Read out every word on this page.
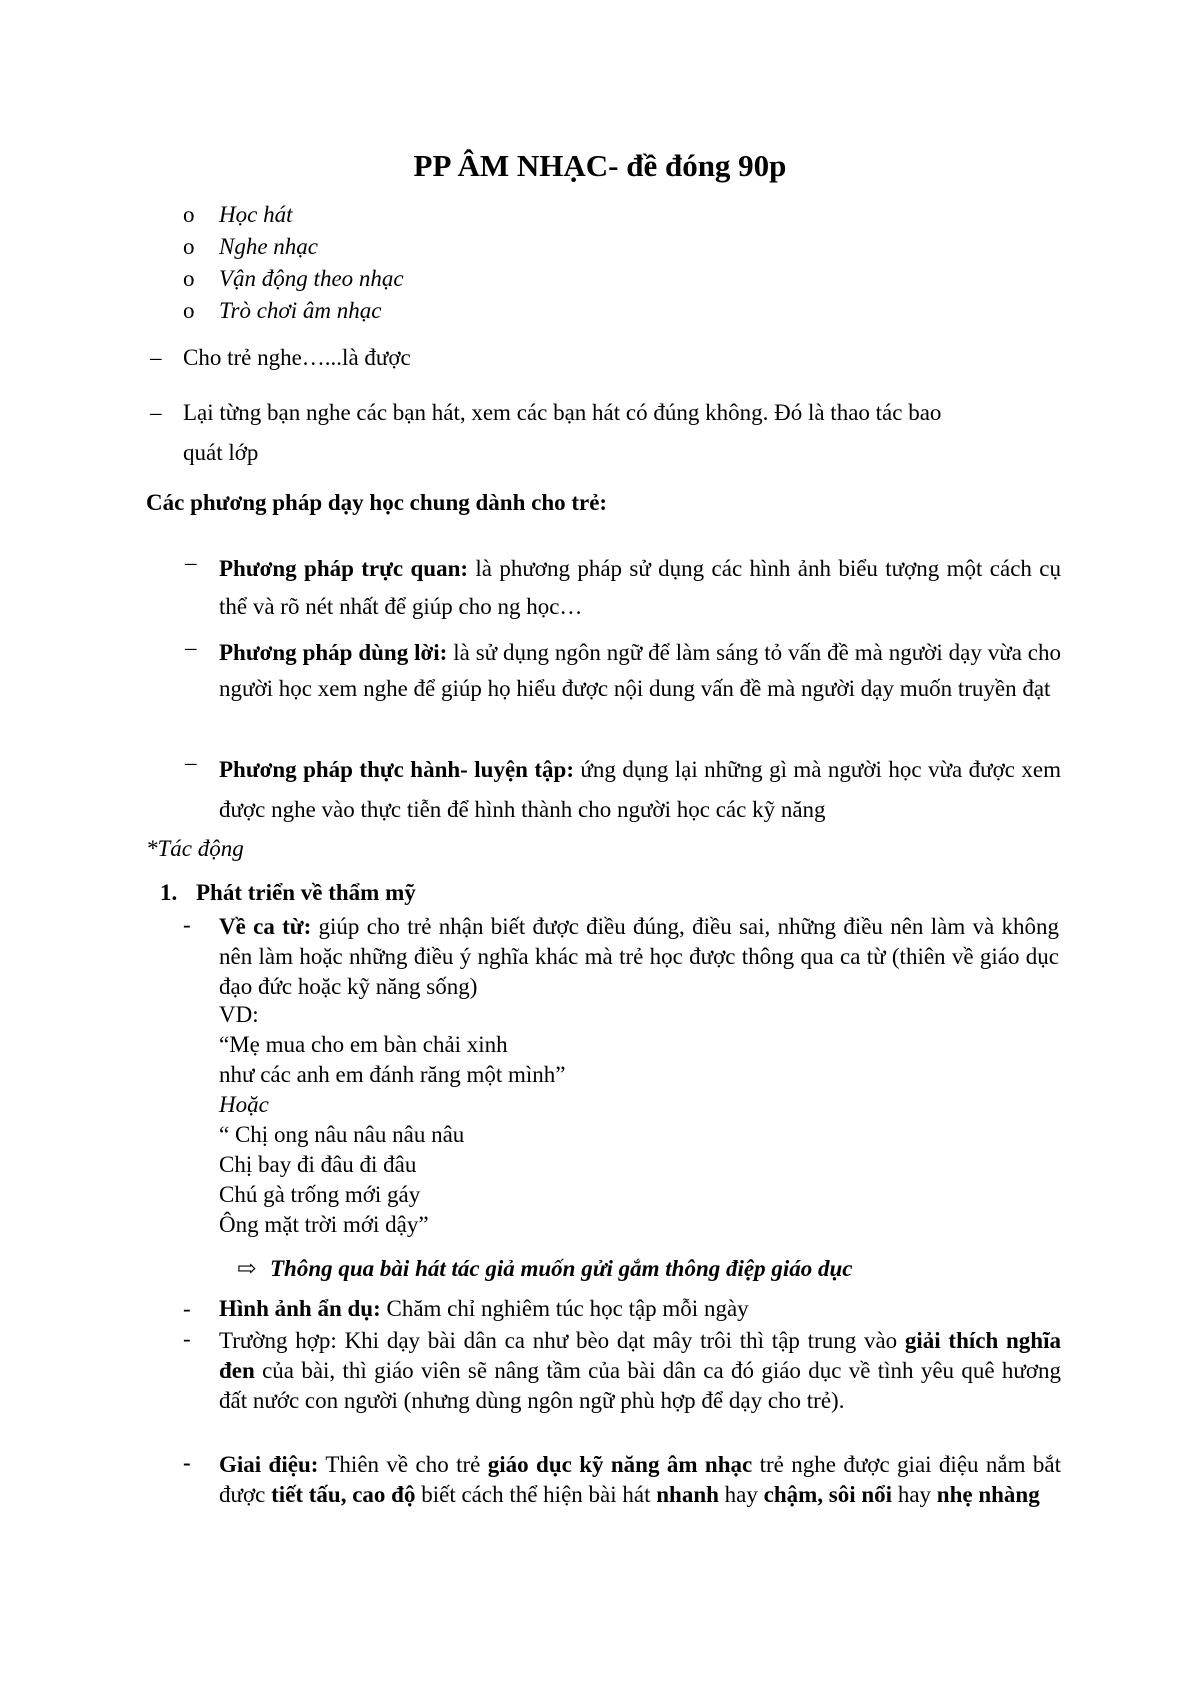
PP ÂM NHẠC- đề đóng 90p
o Học hát
o Nghe nhạc
o Vận động theo nhạc
o Trò chơi âm nhạc
– Cho trẻ nghe…...là được
– Lại từng bạn nghe các bạn hát, xem các bạn hát có đúng không. Đó là thao tác bao
quát lớp
Các phương pháp dạy học chung dành cho trẻ:
– Phương pháp trực quan: là phương pháp sử dụng các hình ảnh biểu tượng một cách cụ thể và rõ nét nhất để giúp cho ng học…
– Phương pháp dùng lời: là sử dụng ngôn ngữ để làm sáng tỏ vấn đề mà người dạy vừa cho người học xem nghe để giúp họ hiểu được nội dung vấn đề mà người dạy muốn truyền đạt
– Phương pháp thực hành- luyện tập: ứng dụng lại những gì mà người học vừa được xem được nghe vào thực tiễn để hình thành cho người học các kỹ năng
*Tác động
1. Phát triển về thẩm mỹ
- Về ca từ: giúp cho trẻ nhận biết được điều đúng, điều sai, những điều nên làm và không nên làm hoặc những điều ý nghĩa khác mà trẻ học được thông qua ca từ (thiên về giáo dục đạo đức hoặc kỹ năng sống)
VD:
“Mẹ mua cho em bàn chải xinh
như các anh em đánh răng một mình”
Hoặc
“ Chị ong nâu nâu nâu nâu
Chị bay đi đâu đi đâu
Chú gà trống mới gáy
Ông mặt trời mới dậy”
⇨ Thông qua bài hát tác giả muốn gửi gắm thông điệp giáo dục
- Hình ảnh ẩn dụ: Chăm chỉ nghiêm túc học tập mỗi ngày
- Trường hợp: Khi dạy bài dân ca như bèo dạt mây trôi thì tập trung vào giải thích nghĩa đen của bài, thì giáo viên sẽ nâng tầm của bài dân ca đó giáo dục về tình yêu quê hương đất nước con người (nhưng dùng ngôn ngữ phù hợp để dạy cho trẻ).
- Giai điệu: Thiên về cho trẻ giáo dục kỹ năng âm nhạc trẻ nghe được giai điệu nắm bắt được tiết tấu, cao độ biết cách thể hiện bài hát nhanh hay chậm, sôi nổi hay nhẹ nhàng
